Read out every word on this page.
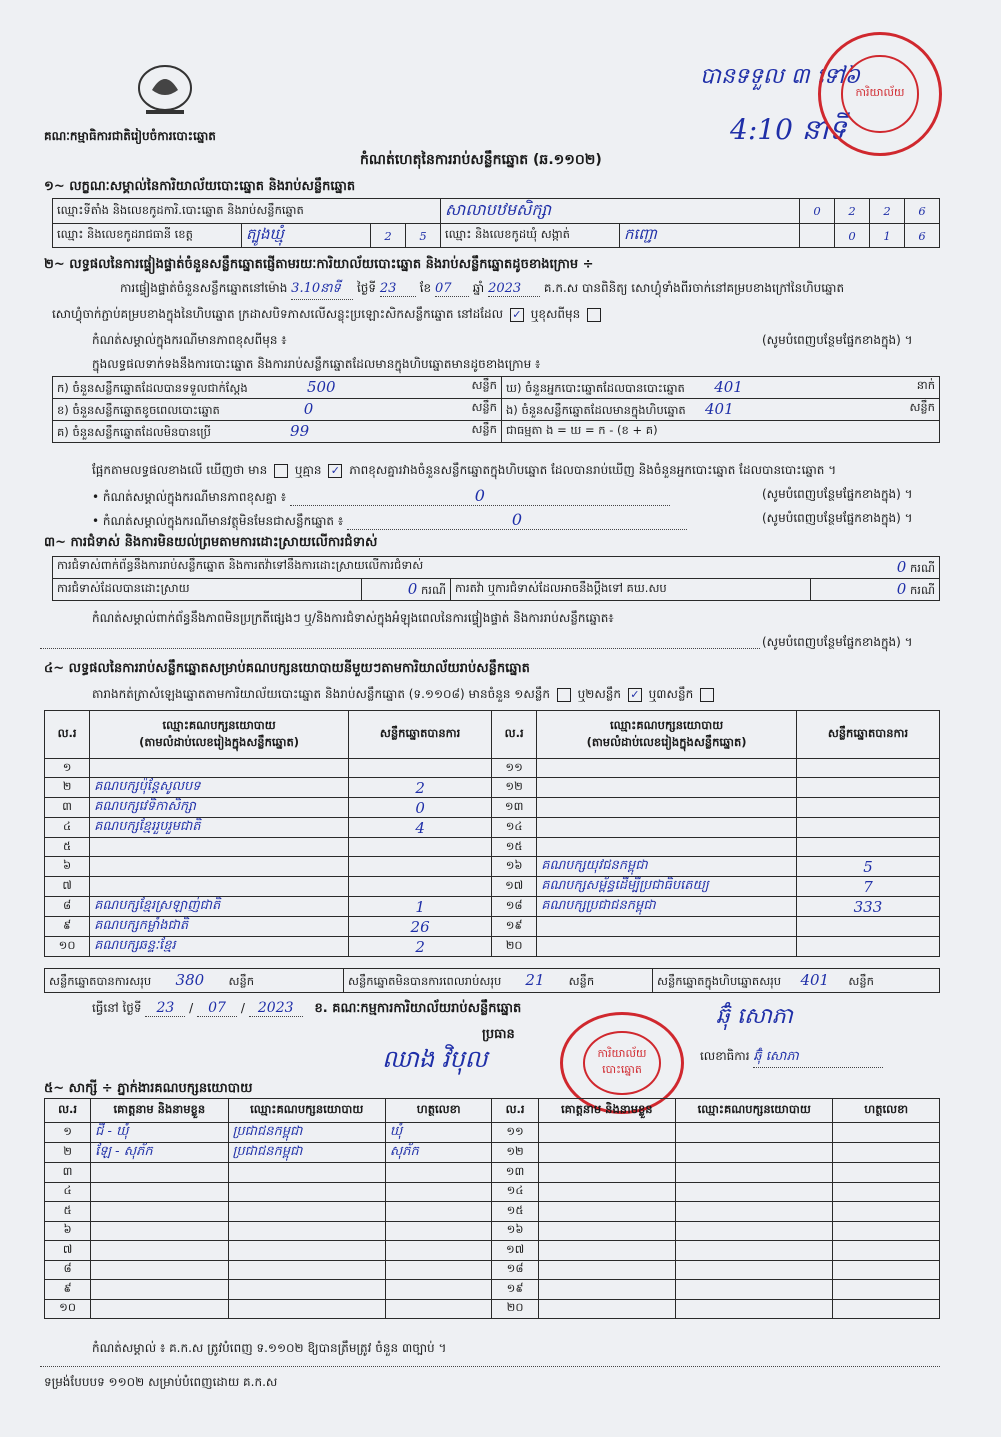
គណៈកម្មាធិការជាតិរៀបចំការបោះឆ្នោត
បានទទួល ៣ ទៅ៦
4:10 នាទី
ការិយាល័យ
កំណត់ហេតុនៃការរាប់សន្លឹកឆ្នោត (ឆ.១១០២)
១~ លក្ខណៈសម្គាល់នៃការិយាល័យបោះឆ្នោត និងរាប់សន្លឹកឆ្នោត
ឈ្មោះទីតាំង និងលេខកូដការិ.បោះឆ្នោត និងរាប់សន្លឹកឆ្នោត				សាលាបឋមសិក្សា		0	2	2	6
ឈ្មោះ និងលេខកូដរាជធានី ខេត្ត	ត្បូងឃ្មុំ	2	5	ឈ្មោះ និងលេខកូដឃុំ សង្កាត់	កញ្ជោ		0	1	6
២~ លទ្ធផលនៃការផ្ទៀងផ្ទាត់ចំនួនសន្លឹកឆ្នោតផ្ញើតាមរយៈការិយាល័យបោះឆ្នោត និងរាប់សន្លឹកឆ្នោតដូចខាងក្រោម ÷
ការផ្ទៀងផ្ទាត់ចំនួនសន្លឹកឆ្នោតនៅម៉ោង 3.10នាទី ថ្ងៃទី 23 ខែ 07 ឆ្នាំ 2023 គ.ក.ស បានពិនិត្យ សោហ្វុំទាំងពីរចាក់នៅគម្របខាងក្រៅនៃហិបឆ្នោត
សោហ្វុំចាក់ភ្ជាប់គម្របខាងក្នុងនៃហិបឆ្នោត ក្រដាសបិទភាសលើសន្លុះប្រឡោះសិកសន្លឹកឆ្នោត នៅដដែល ✓ ឬខុសពីមុន
កំណត់សម្គាល់ក្នុងករណីមានភាពខុសពីមុន ៖	(សូមបំពេញបន្ថែមផ្នែកខាងក្នុង) ។
ក្នុងលទ្ធផលទាក់ទងនឹងការបោះឆ្នោត និងការរាប់សន្លឹកឆ្នោតដែលមានក្នុងហិបឆ្នោតមានដូចខាងក្រោម ៖
ក) ចំនួនសន្លឹកឆ្នោតដែលបានទទួលជាក់ស្តែង 500 សន្លឹក	ឃ) ចំនួនអ្នកបោះឆ្នោតដែលបានបោះឆ្នោត 401 នាក់

ខ) ចំនួនសន្លឹកឆ្នោតខូចពេលបោះឆ្នោត 0 សន្លឹក	ង) ចំនួនសន្លឹកឆ្នោតដែលមានក្នុងហិបឆ្នោត 401 សន្លឹក

គ) ចំនួនសន្លឹកឆ្នោតដែលមិនបានប្រើ 99 សន្លឹក	ជាធម្មតា ង = ឃ = ក - (ខ + គ)
ផ្អែកតាមលទ្ធផលខាងលើ ឃើញថា មាន ឬគ្មាន ✓ ភាពខុសគ្នារវាងចំនួនសន្លឹកឆ្នោតក្នុងហិបឆ្នោត ដែលបានរាប់ឃើញ និងចំនួនអ្នកបោះឆ្នោត ដែលបានបោះឆ្នោត ។
• កំណត់សម្គាល់ក្នុងករណីមានភាពខុសគ្នា ៖	0	(សូមបំពេញបន្ថែមផ្នែកខាងក្នុង) ។
• កំណត់សម្គាល់ក្នុងករណីមានវត្ថុមិនមែនជាសន្លឹកឆ្នោត ៖	0	(សូមបំពេញបន្ថែមផ្នែកខាងក្នុង) ។
៣~ ការជំទាស់ និងការមិនយល់ព្រមតាមការដោះស្រាយលើការជំទាស់
ការជំទាស់ពាក់ព័ន្ធនឹងការរាប់សន្លឹកឆ្នោត និងការតវ៉ាទៅនឹងការដោះស្រាយលើការជំទាស់	0 ករណី

ការជំទាស់ដែលបានដោះស្រាយ	0 ករណី	ការតវ៉ា ឬការជំទាស់ដែលអាចនឹងប្តឹងទៅ គឃ.សប	0 ករណី
កំណត់សម្គាល់ពាក់ព័ន្ធនឹងភាពមិនប្រក្រតីផ្សេងៗ ឬ/និងការជំទាស់ក្នុងអំឡុងពេលនៃការផ្ទៀងផ្ទាត់ និងការរាប់សន្លឹកឆ្នោត៖
(សូមបំពេញបន្ថែមផ្នែកខាងក្នុង) ។
៤~ លទ្ធផលនៃការរាប់សន្លឹកឆ្នោតសម្រាប់គណបក្សនយោបាយនីមួយៗតាមការិយាល័យរាប់សន្លឹកឆ្នោត
តារាងកត់ត្រាសំឡេងឆ្នោតតាមការិយាល័យបោះឆ្នោត និងរាប់សន្លឹកឆ្នោត (ទ.១១០៨) មានចំនួន ១សន្លឹក ឬ២សន្លឹក ✓ ឬ៣សន្លឹក
ល.រ	ឈ្មោះគណបក្សនយោបាយ
(តាមលំដាប់លេខរៀងក្នុងសន្លឹកឆ្នោត)	សន្លឹកឆ្នោតបានការ	ល.រ	ឈ្មោះគណបក្សនយោបាយ
(តាមលំដាប់លេខរៀងក្នុងសន្លឹកឆ្នោត)	សន្លឹកឆ្នោតបានការ
១			១១		
២	គណបក្សប៉ុន្តែសូលបទ	2	១២		
៣	គណបក្សវេទិកាសិក្សា	0	១៣		
៤	គណបក្សខ្មែររួបរួមជាតិ	4	១៤		
៥			១៥		
៦			១៦	គណបក្សយុវជនកម្ពុជា	5
៧			១៧	គណបក្សសម្ព័ន្ធដើម្បីប្រជាធិបតេយ្យ	7
៨	គណបក្សខ្មែរស្រឡាញ់ជាតិ	1	១៨	គណបក្សប្រជាជនកម្ពុជា	333
៩	គណបក្សកម្លាំងជាតិ	26	១៩		
១០	គណបក្សឆន្ទៈខ្មែរ	2	២០		
សន្លឹកឆ្នោតបានការសរុប 380 សន្លឹក	សន្លឹកឆ្នោតមិនបានការពេលរាប់សរុប 21 សន្លឹក	សន្លឹកឆ្នោតក្នុងហិបឆ្នោតសរុប 401 សន្លឹក
ធ្វើនៅ ថ្ងៃទី 23 / 07 / 2023 ខ. គណៈកម្មការការិយាល័យរាប់សន្លឹកឆ្នោត	ឆ៊ុំ សោភា
ប្រធាន
ឈាង វិបុល	ការិយាល័យបោះឆ្នោត
លេខាធិការ ឆ៊ុំ សោភា
៥~ សាក្សី ÷ ភ្នាក់ងារគណបក្សនយោបាយ
ល.រ	គោត្តនាម និងនាមខ្លួន	ឈ្មោះគណបក្សនយោបាយ	ហត្ថលេខា	ល.រ	គោត្តនាម និងនាមខ្លួន	ឈ្មោះគណបក្សនយោបាយ	ហត្ថលេខា
១	ជី - ឃុំ	ប្រជាជនកម្ពុជា	ឃុំ	១១			
២	ឡែ - សុភ័ក	ប្រជាជនកម្ពុជា	សុភ័ក	១២			
៣				១៣			
៤				១៤			
៥				១៥			
៦				១៦			
៧				១៧			
៨				១៨			
៩				១៩			
១០				២០			
កំណត់សម្គាល់ ៖ គ.ក.ស ត្រូវបំពេញ ទ.១១០២ ឱ្យបានត្រឹមត្រូវ ចំនួន ៣ច្បាប់ ។
ទម្រង់បែបបទ ១១០២ សម្រាប់បំពេញដោយ គ.ក.ស
